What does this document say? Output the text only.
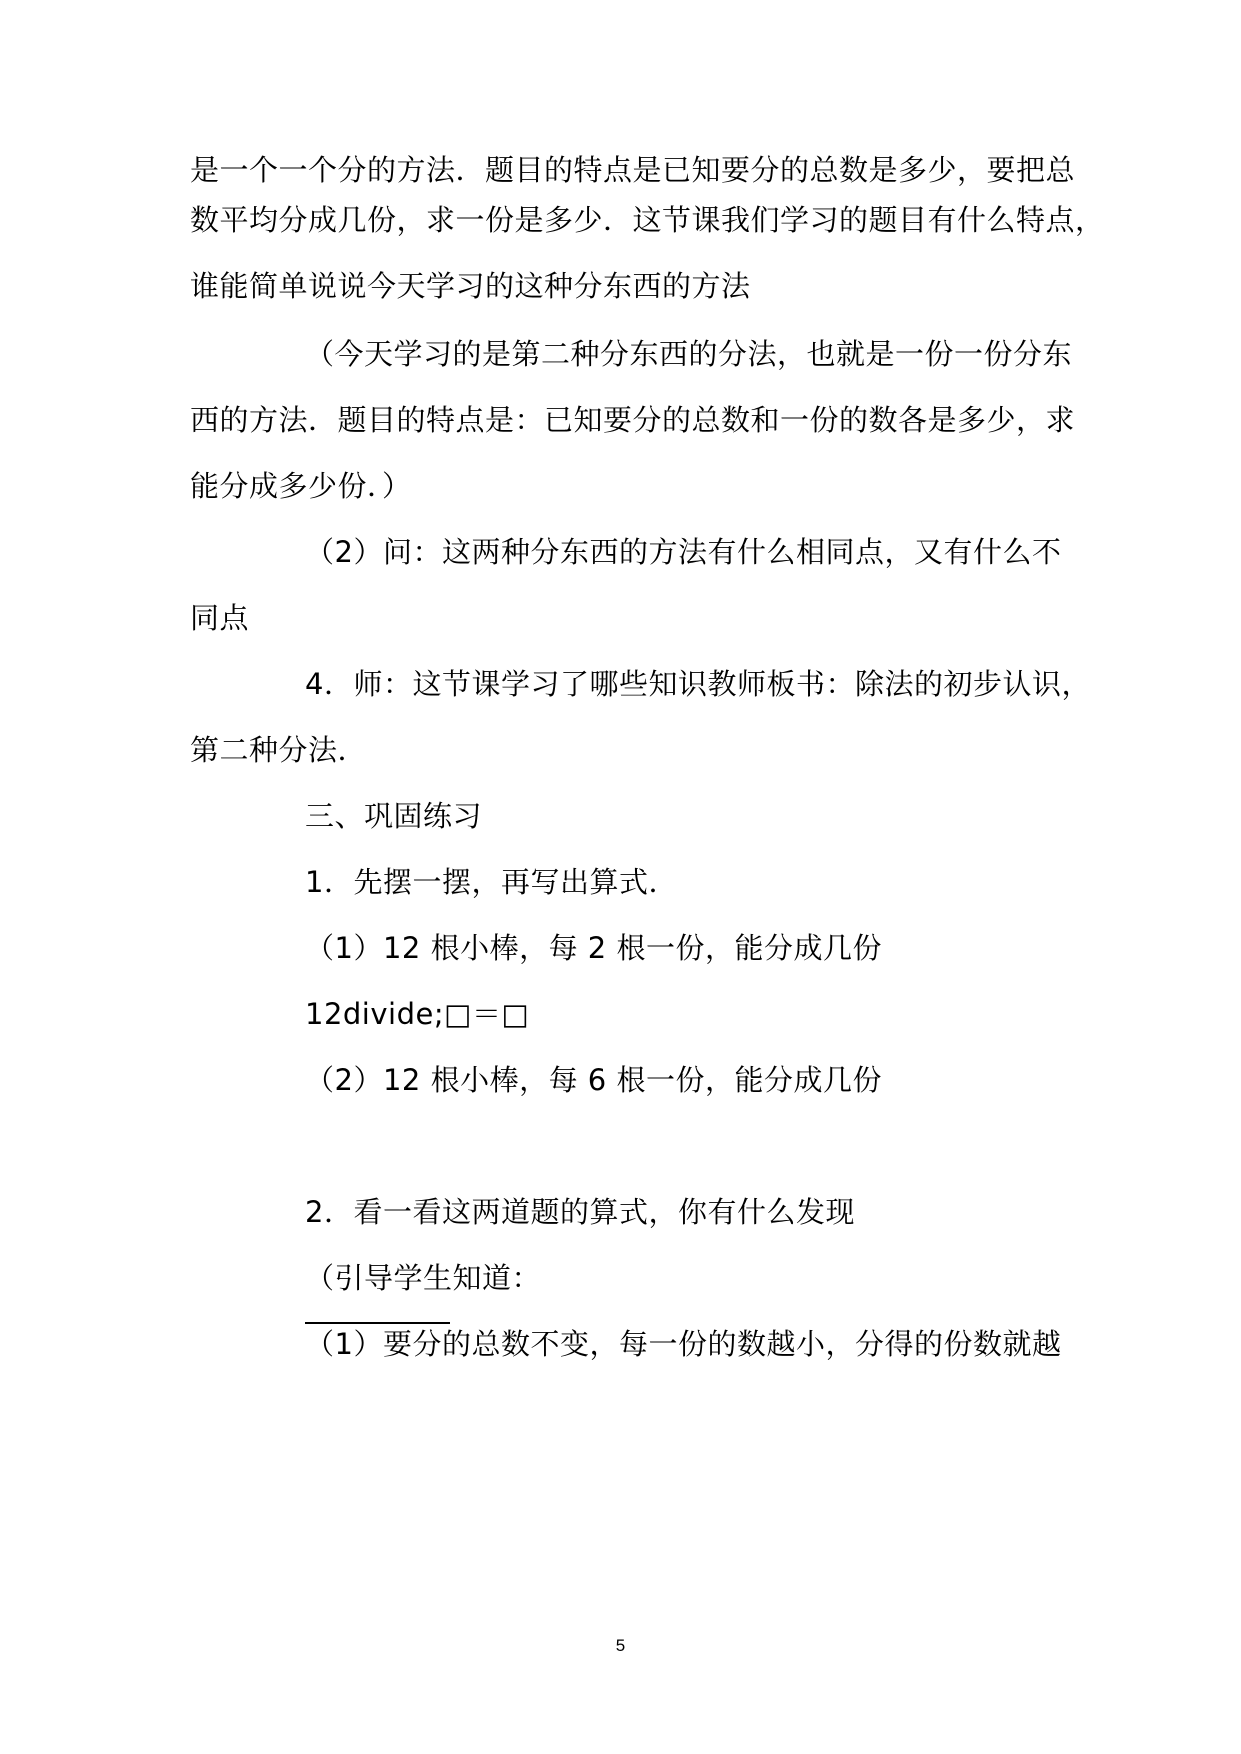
是一个一个分的方法．题目的特点是已知要分的总数是多少，要把总
数平均分成几份，求一份是多少．这节课我们学习的题目有什么特点，
谁能简单说说今天学习的这种分东西的方法
（今天学习的是第二种分东西的分法，也就是一份一份分东
西的方法．题目的特点是：已知要分的总数和一份的数各是多少，求
能分成多少份．）
（2）问：这两种分东西的方法有什么相同点，又有什么不
同点
4．师：这节课学习了哪些知识教师板书：除法的初步认识，
第二种分法．
三、巩固练习
1．先摆一摆，再写出算式．
（1）12 根小棒，每 2 根一份，能分成几份
12divide;□＝□
（2）12 根小棒，每 6 根一份，能分成几份
2．看一看这两道题的算式，你有什么发现
（引导学生知道：
（1）要分的总数不变，每一份的数越小，分得的份数就越
5
